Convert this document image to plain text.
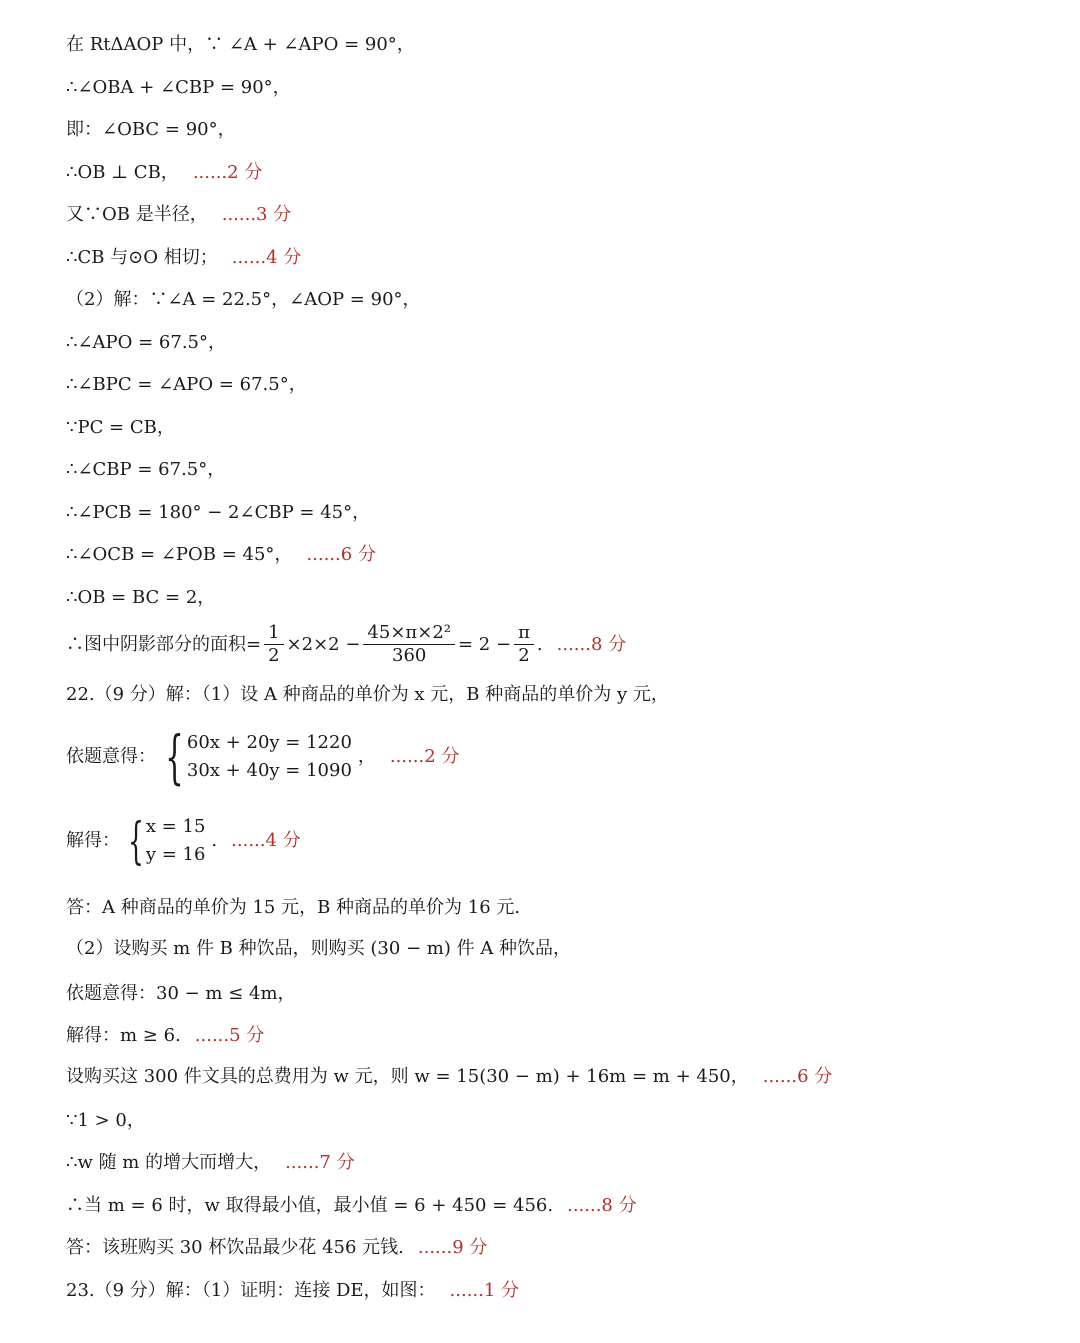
在 RtΔAOP 中，∵ ∠A + ∠APO = 90°，
∴∠OBA + ∠CBP = 90°，
即：∠OBC = 90°，
∴OB ⊥ CB， ......2 分
又∵OB 是半径， ......3 分
∴CB 与⊙O 相切； ......4 分
（2）解：∵∠A = 22.5°，∠AOP = 90°，
∴∠APO = 67.5°，
∴∠BPC = ∠APO = 67.5°，
∵PC = CB，
∴∠CBP = 67.5°，
∴∠PCB = 180° − 2∠CBP = 45°，
∴∠OCB = ∠POB = 45°， ......6 分
∴OB = BC = 2，
∴图中阴影部分的面积= $\frac{1}{2} \times 2\times 2 - \frac{\text{45×π×2²}}{360} = 2 - \frac{\pi}{2}$ . ......8 分
22.（9 分）解：（1）设 A 种商品的单价为 x 元，B 种商品的单价为 y 元，
依题意得： { 60x + 20y = 1220
30x + 40y = 1090
， ......2 分
解得： { x = 15
y = 16
. ......4 分
答：A 种商品的单价为 15 元，B 种商品的单价为 16 元.
（2）设购买 m 件 B 种饮品，则购买 (30 − m) 件 A 种饮品，
依题意得：30 − m ≤ 4m，
解得：m ≥ 6. ......5 分
设购买这 300 件文具的总费用为 w 元，则 w = 15(30 − m) + 16m = m + 450， ......6 分
∵1 > 0，
∴w 随 m 的增大而增大， ......7 分
∴当 m = 6 时，w 取得最小值，最小值 = 6 + 450 = 456. ......8 分
答：该班购买 30 杯饮品最少花 456 元钱. ......9 分
23.（9 分）解：（1）证明：连接 DE，如图： ......1 分
